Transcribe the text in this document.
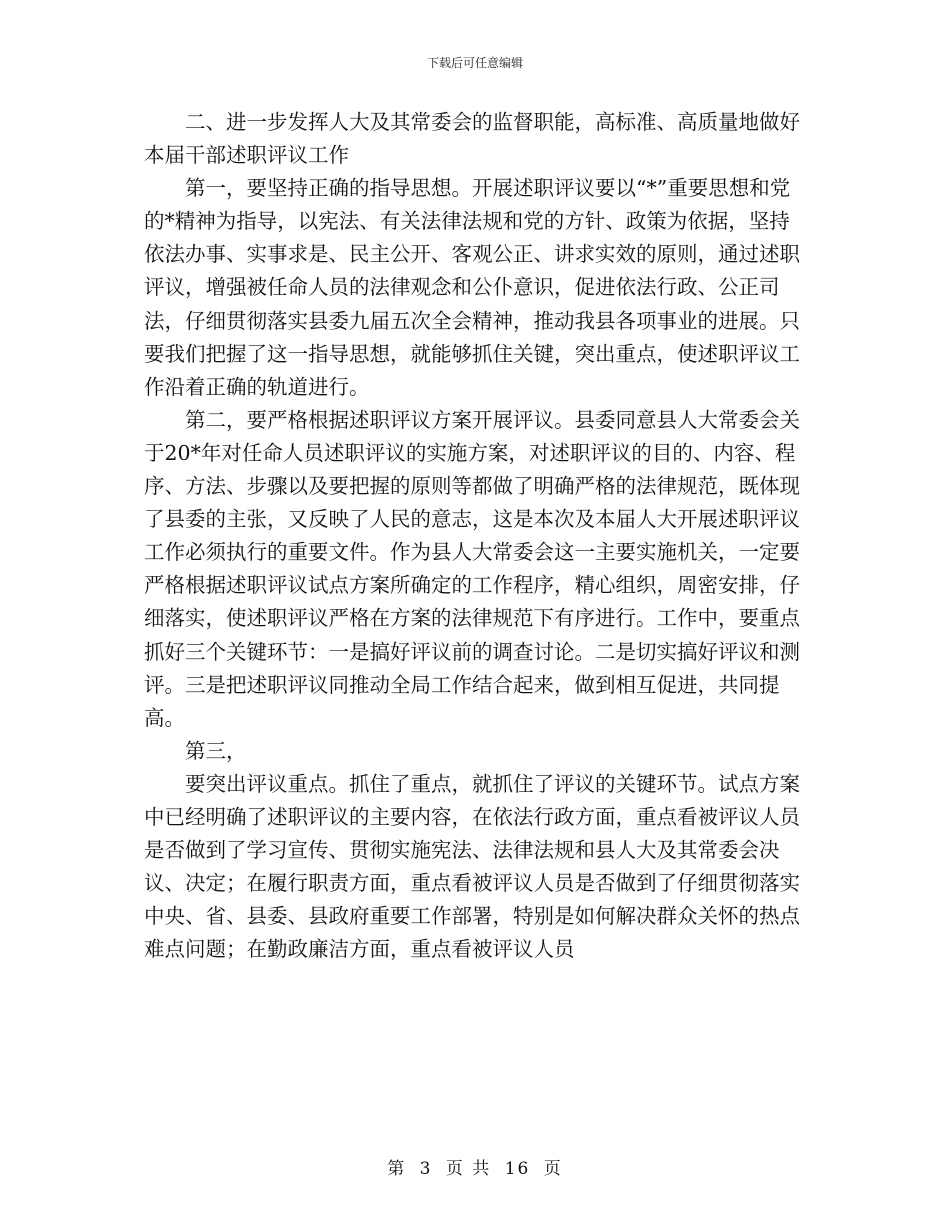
下载后可任意编辑

二、进一步发挥人大及其常委会的监督职能，高标准、高质量地做好本届干部述职评议工作

第一，要坚持正确的指导思想。开展述职评议要以“*”重要思想和党的*精神为指导，以宪法、有关法律法规和党的方针、政策为依据，坚持依法办事、实事求是、民主公开、客观公正、讲求实效的原则，通过述职评议，增强被任命人员的法律观念和公仆意识，促进依法行政、公正司法，仔细贯彻落实县委九届五次全会精神，推动我县各项事业的进展。只要我们把握了这一指导思想，就能够抓住关键，突出重点，使述职评议工作沿着正确的轨道进行。

第二，要严格根据述职评议方案开展评议。县委同意县人大常委会关于20*年对任命人员述职评议的实施方案，对述职评议的目的、内容、程序、方法、步骤以及要把握的原则等都做了明确严格的法律规范，既体现了县委的主张，又反映了人民的意志，这是本次及本届人大开展述职评议工作必须执行的重要文件。作为县人大常委会这一主要实施机关，一定要严格根据述职评议试点方案所确定的工作程序，精心组织，周密安排，仔细落实，使述职评议严格在方案的法律规范下有序进行。工作中，要重点抓好三个关键环节：一是搞好评议前的调查讨论。二是切实搞好评议和测评。三是把述职评议同推动全局工作结合起来，做到相互促进，共同提高。

第三，

要突出评议重点。抓住了重点，就抓住了评议的关键环节。试点方案中已经明确了述职评议的主要内容，在依法行政方面，重点看被评议人员是否做到了学习宣传、贯彻实施宪法、法律法规和县人大及其常委会决议、决定；在履行职责方面，重点看被评议人员是否做到了仔细贯彻落实中央、省、县委、县政府重要工作部署，特别是如何解决群众关怀的热点难点问题；在勤政廉洁方面，重点看被评议人员

第 3 页 共 16 页
